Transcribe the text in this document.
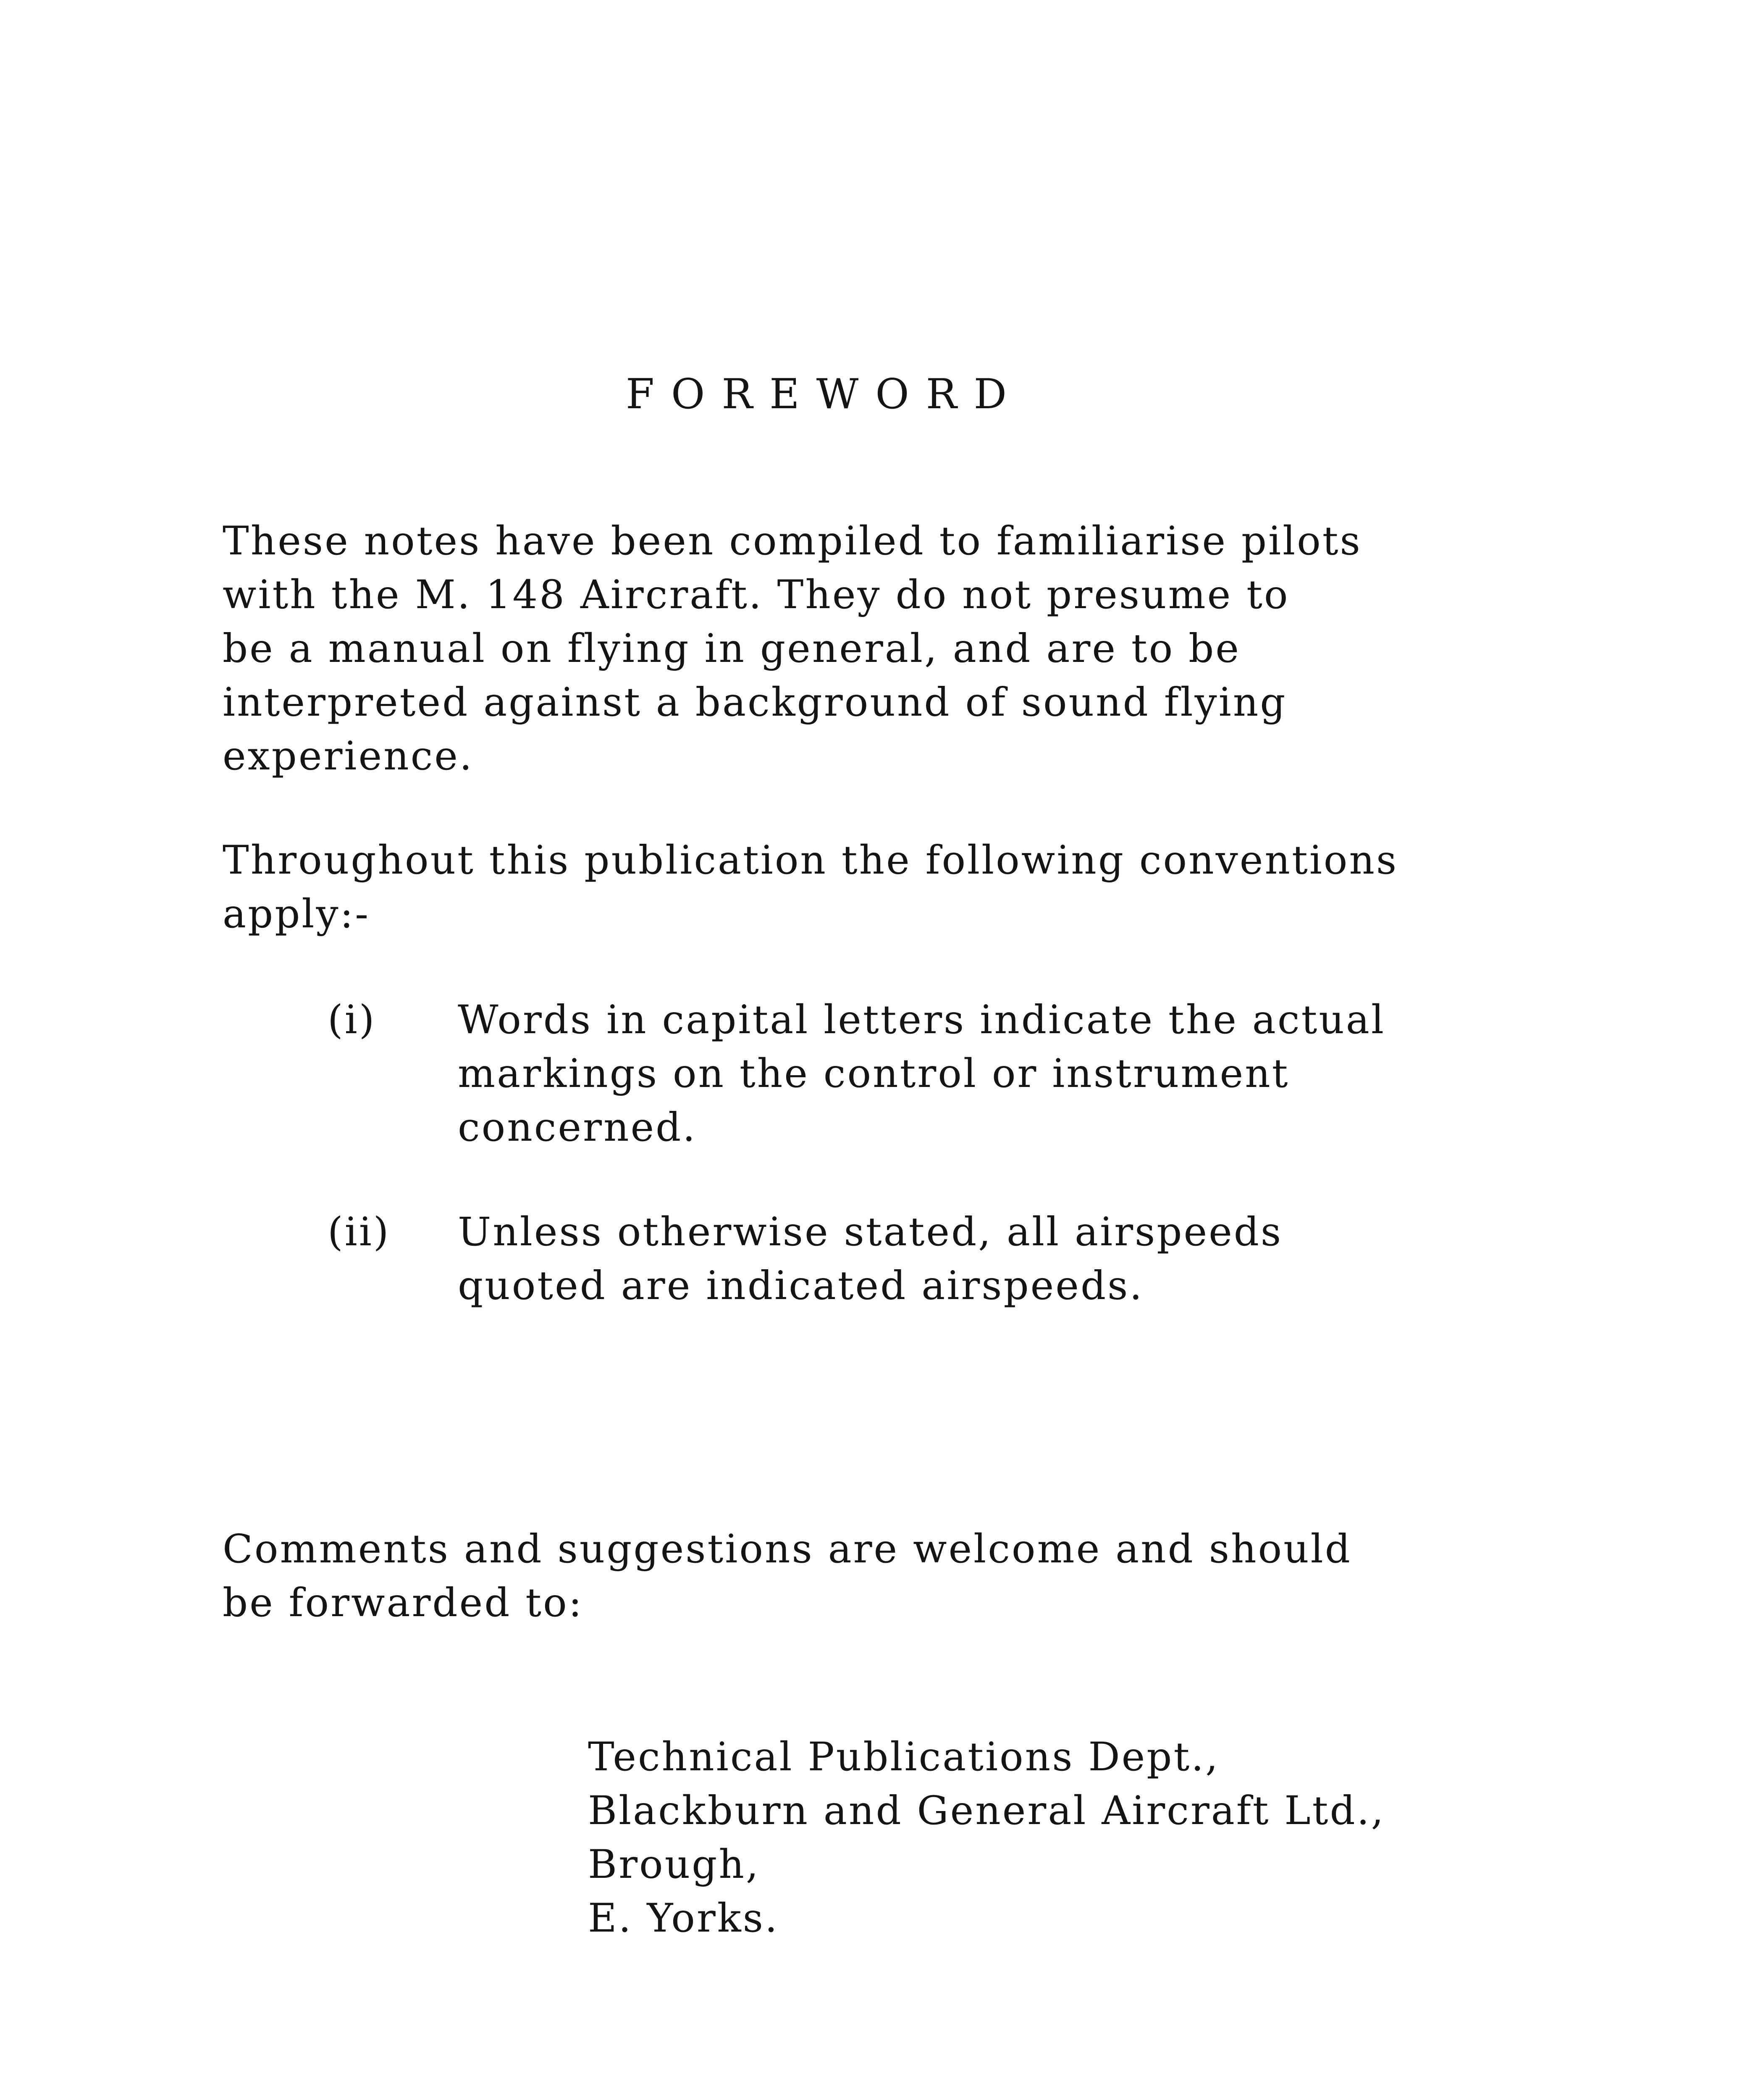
FOREWORD

These notes have been compiled to familiarise pilots
with the M. 148 Aircraft. They do not presume to
be a manual on flying in general, and are to be
interpreted against a background of sound flying
experience.

Throughout this publication the following conventions
apply:-

(i) Words in capital letters indicate the actual
markings on the control or instrument
concerned.
(ii) Unless otherwise stated, all airspeeds
quoted are indicated airspeeds.

Comments and suggestions are welcome and should
be forwarded to:

Technical Publications Dept.,
Blackburn and General Aircraft Ltd.,
Brough,
E. Yorks.
